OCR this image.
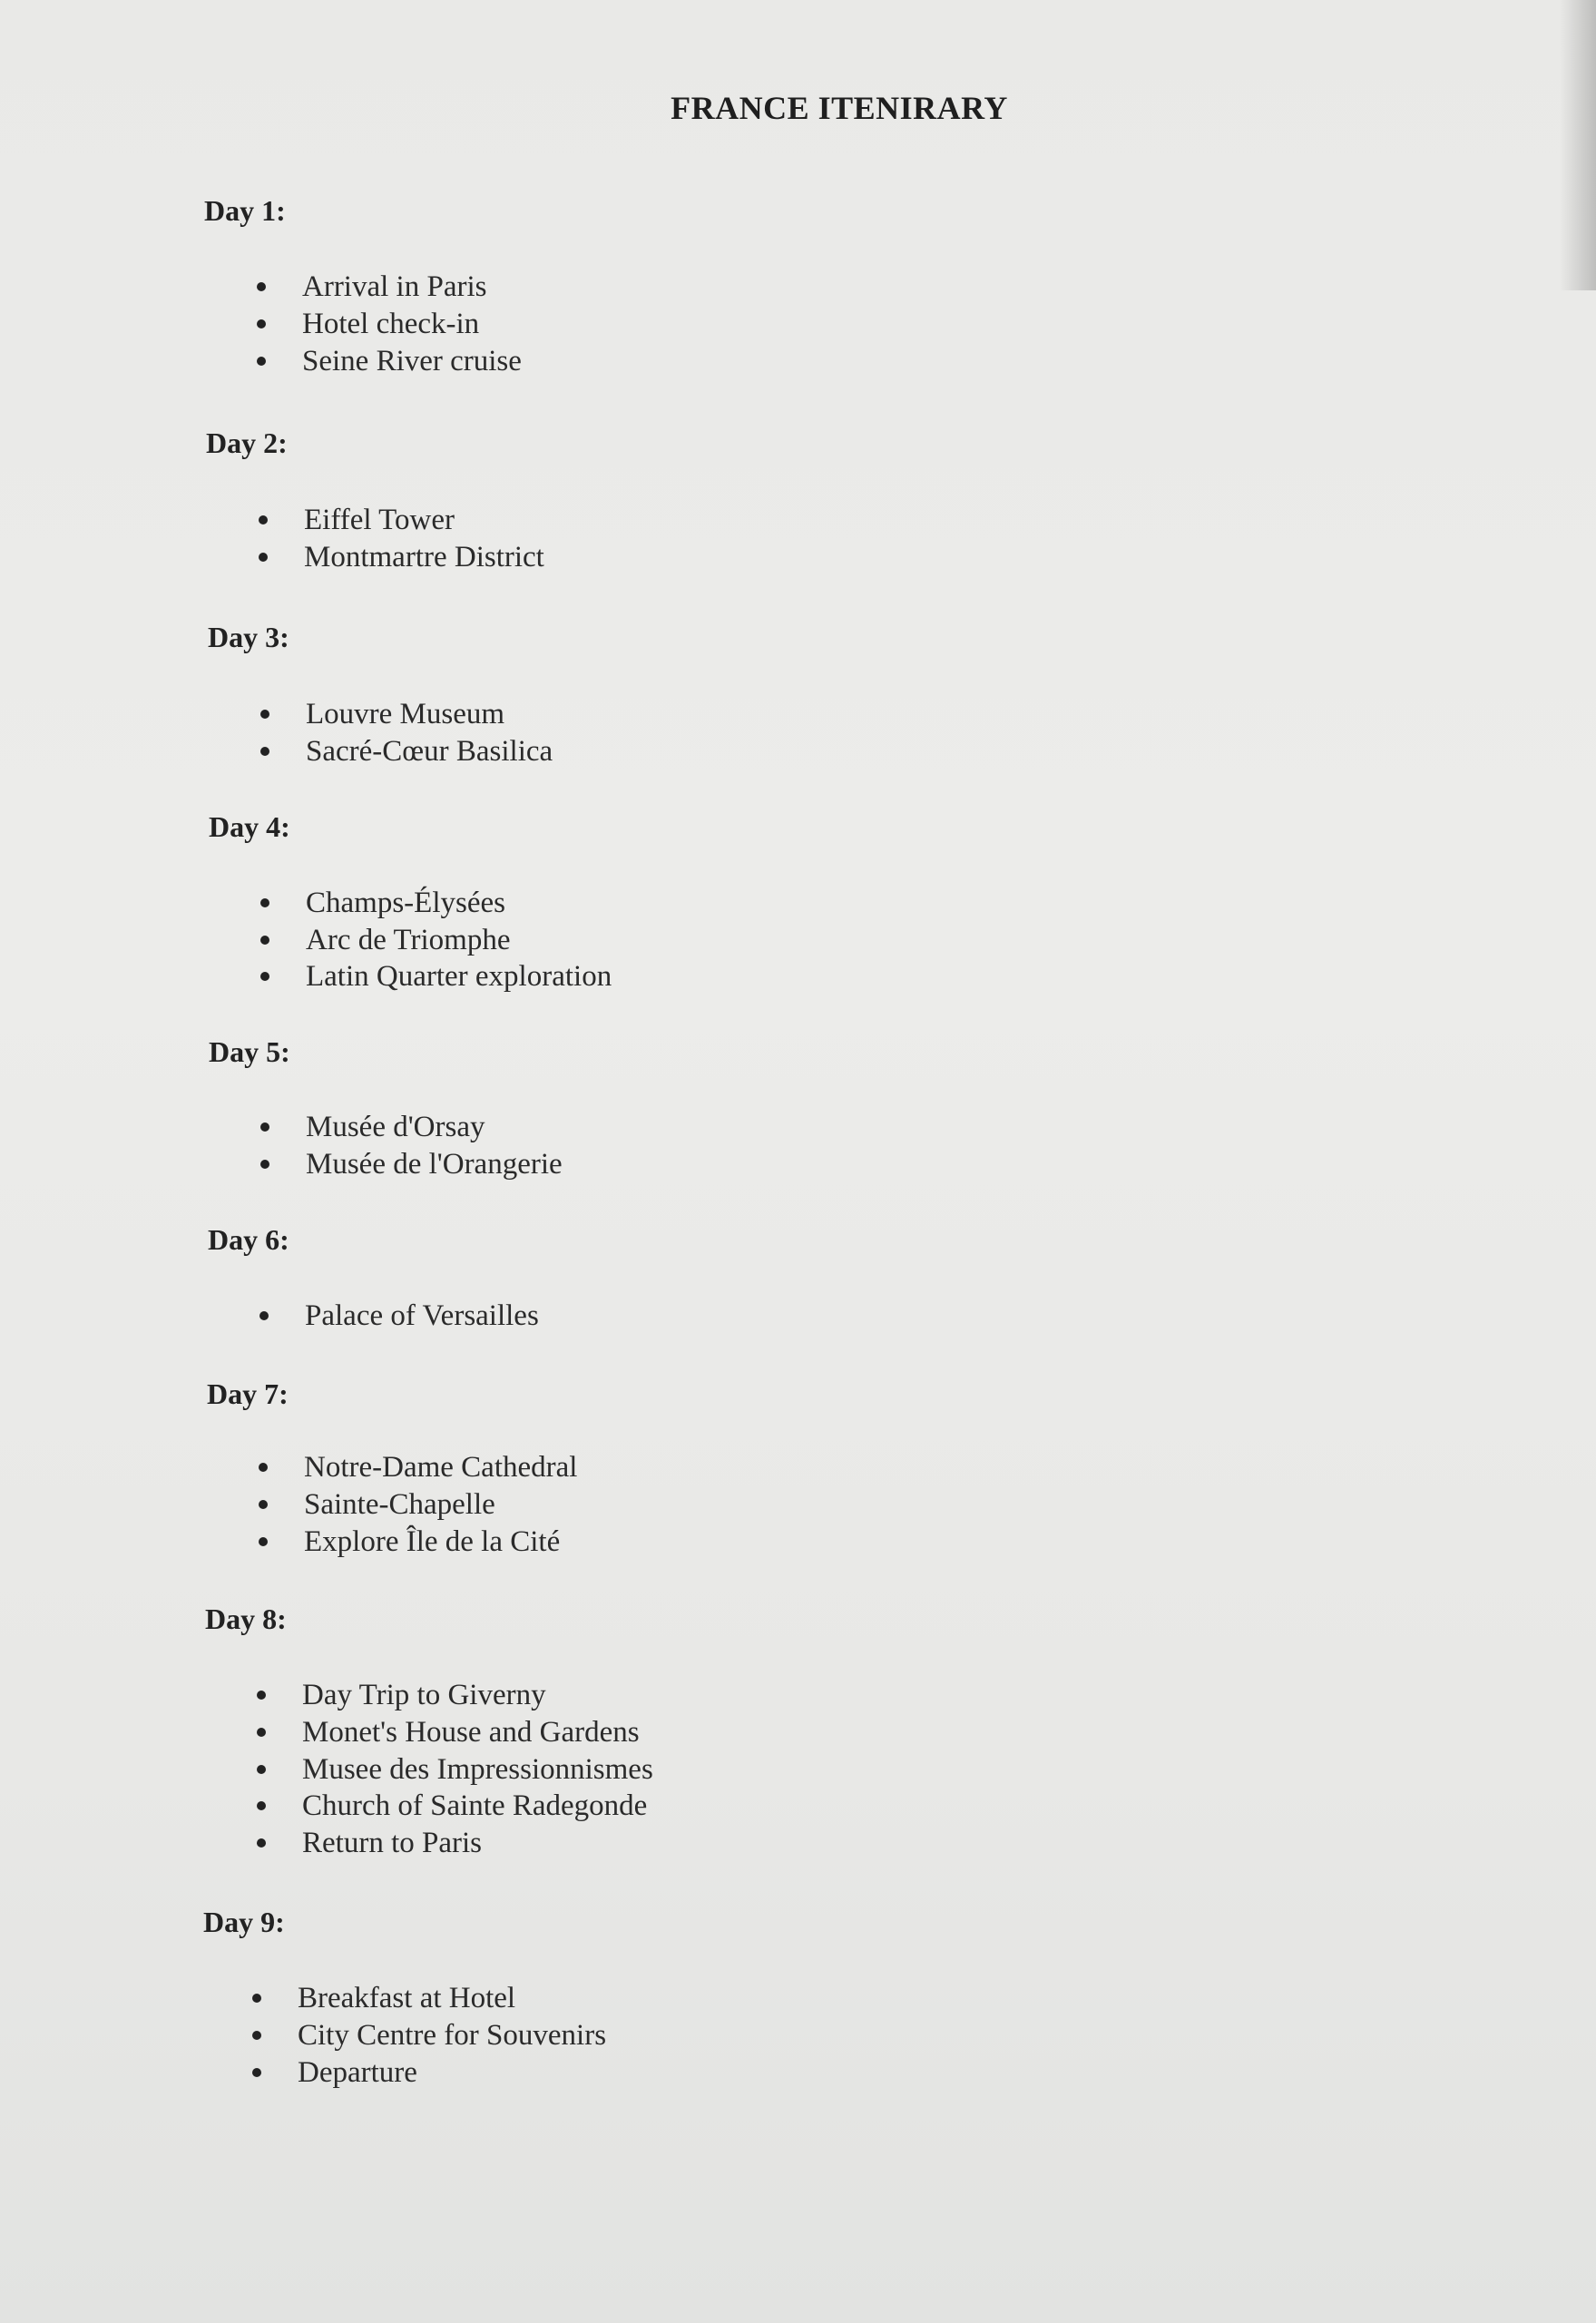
FRANCE ITENIRARY
Day 1:
Arrival in Paris
Hotel check-in
Seine River cruise
Day 2:
Eiffel Tower
Montmartre District
Day 3:
Louvre Museum
Sacré-Cœur Basilica
Day 4:
Champs-Élysées
Arc de Triomphe
Latin Quarter exploration
Day 5:
Musée d'Orsay
Musée de l'Orangerie
Day 6:
Palace of Versailles
Day 7:
Notre-Dame Cathedral
Sainte-Chapelle
Explore Île de la Cité
Day 8:
Day Trip to Giverny
Monet's House and Gardens
Musee des Impressionnismes
Church of Sainte Radegonde
Return to Paris
Day 9:
Breakfast at Hotel
City Centre for Souvenirs
Departure
